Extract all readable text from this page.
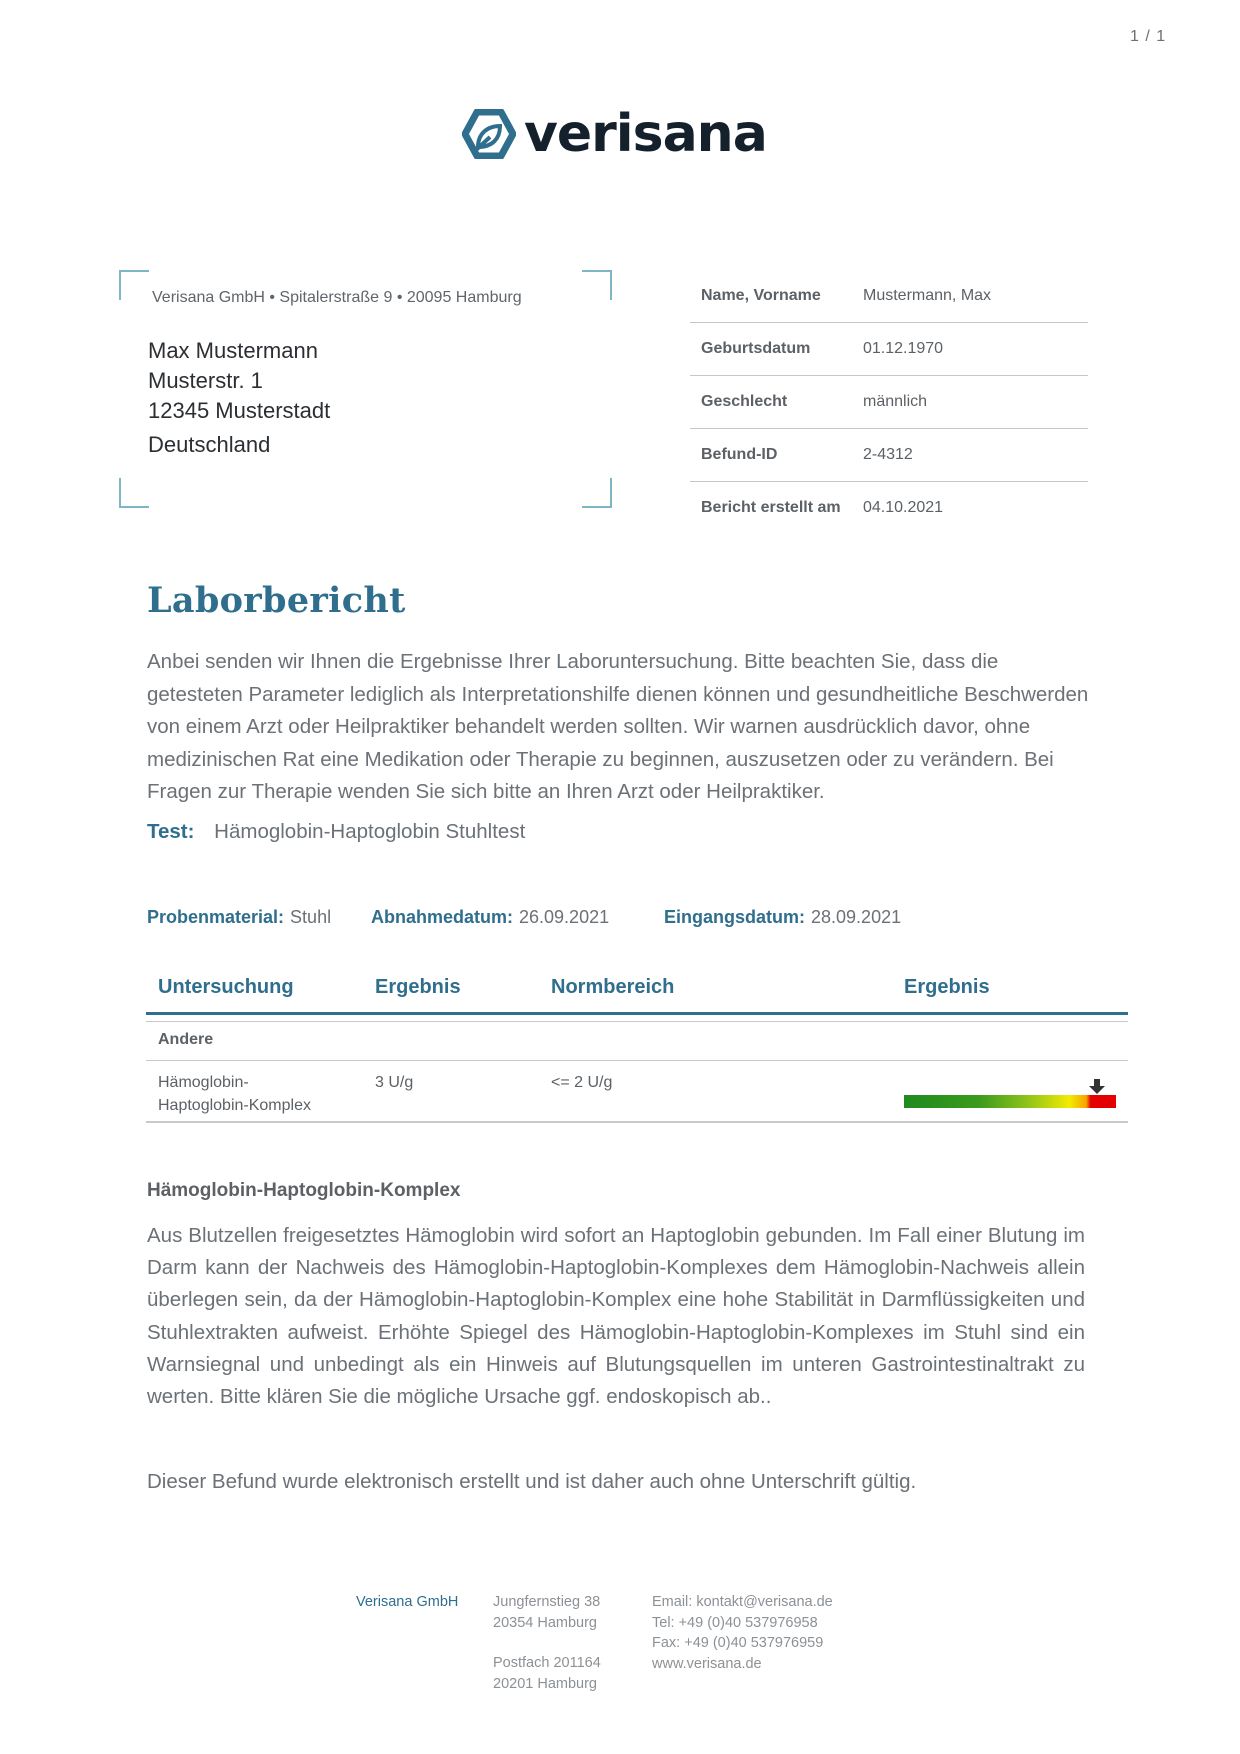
1 / 1
verisana
Verisana GmbH • Spitalerstraße 9 • 20095 Hamburg
Max Mustermann
Musterstr. 1
12345 Musterstadt
Deutschland
Name, Vorname	Mustermann, Max
Geburtsdatum	01.12.1970
Geschlecht	männlich
Befund-ID	2-4312
Bericht erstellt am	04.10.2021
Laborbericht
Anbei senden wir Ihnen die Ergebnisse Ihrer Laboruntersuchung. Bitte beachten Sie, dass die getesteten Parameter lediglich als Interpretationshilfe dienen können und gesundheitliche Beschwerden von einem Arzt oder Heilpraktiker behandelt werden sollten. Wir warnen ausdrücklich davor, ohne medizinischen Rat eine Medikation oder Therapie zu beginnen, auszusetzen oder zu verändern. Bei Fragen zur Therapie wenden Sie sich bitte an Ihren Arzt oder Heilpraktiker.
Test: Hämoglobin-Haptoglobin Stuhltest
Probenmaterial: Stuhl Abnahmedatum: 26.09.2021	Eingangsdatum: 28.09.2021
Untersuchung	Ergebnis	Normbereich	Ergebnis
Andere
Hämoglobin-
Haptoglobin-Komplex
3 U/g	<= 2 U/g
Hämoglobin-Haptoglobin-Komplex
Aus Blutzellen freigesetztes Hämoglobin wird sofort an Haptoglobin gebunden. Im Fall einer Blutung im Darm kann der Nachweis des Hämoglobin-Haptoglobin-Komplexes dem Hämoglobin-Nachweis allein überlegen sein, da der Hämoglobin-Haptoglobin-Komplex eine hohe Stabilität in Darmflüssigkeiten und Stuhlextrakten aufweist. Erhöhte Spiegel des Hämoglobin-Haptoglobin-Komplexes im Stuhl sind ein Warnsiegnal und unbedingt als ein Hinweis auf Blutungsquellen im unteren Gastrointestinaltrakt zu werten. Bitte klären Sie die mögliche Ursache ggf. endoskopisch ab..
Dieser Befund wurde elektronisch erstellt und ist daher auch ohne Unterschrift gültig.
Verisana GmbH Jungfernstieg 38
20354 Hamburg
Postfach 201164
20201 Hamburg
Email: kontakt@verisana.de
Tel: +49 (0)40 537976958
Fax: +49 (0)40 537976959
www.verisana.de
